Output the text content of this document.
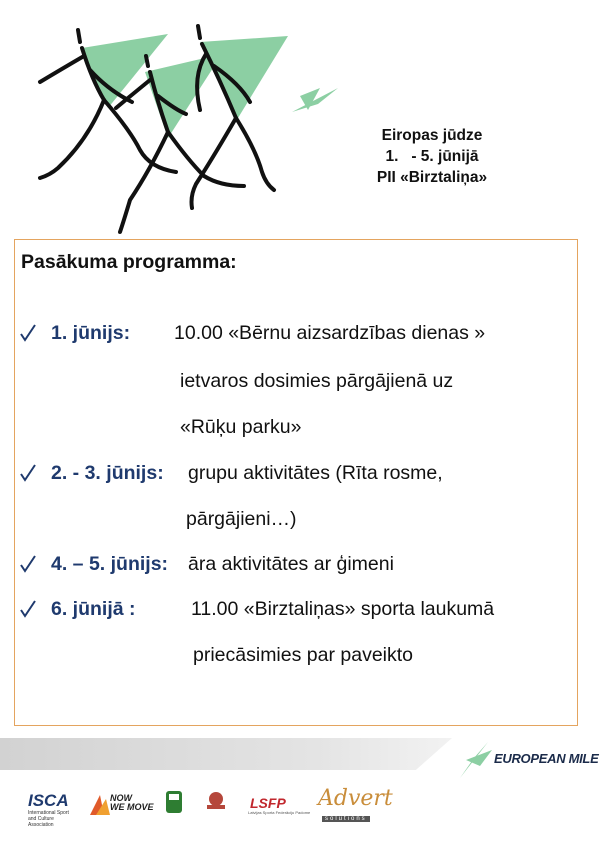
Eiropas jūdze
1.   - 5. jūnijā
PII «Birztaliņa»
Pasākuma programma:
1. jūnijs: 10.00 «Bērnu aizsardzības dienas »
ietvaros dosimies pārgājienā uz
«Rūķu parku»
2. - 3. jūnijs: grupu aktivitātes (Rīta rosme,
pārgājieni…)
4. – 5. jūnijs: āra aktivitātes ar ģimeni
6. jūnijā :	11.00 «Birztaliņas» sporta laukumā
priecāsimies par paveikto
EUROPEAN MILE
ISCA
International Sport and Culture Association
NOW
WE MOVE	LSFP
Latvijas Sporta Federāciju Padome
Advert
solutions
